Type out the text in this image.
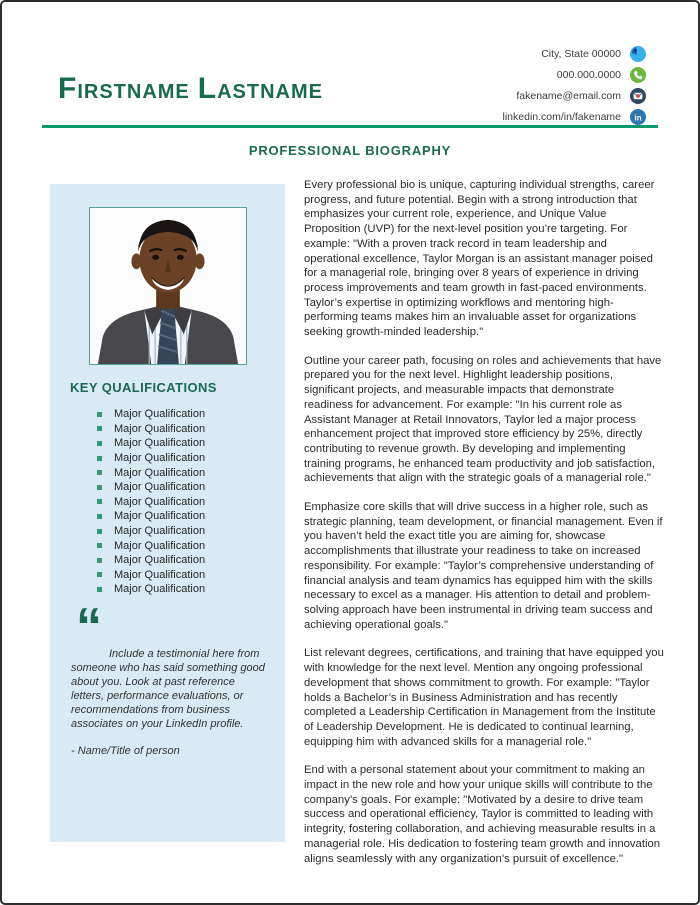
FIRSTNAME LASTNAME
City, State 00000
000.000.0000
fakename@email.com
linkedin.com/in/fakename in
PROFESSIONAL BIOGRAPHY
KEY QUALIFICATIONS
Major Qualification
Major Qualification
Major Qualification
Major Qualification
Major Qualification
Major Qualification
Major Qualification
Major Qualification
Major Qualification
Major Qualification
Major Qualification
Major Qualification
Major Qualification
“ Include a testimonial here from someone who has said something good about you. Look at past reference letters, performance evaluations, or recommendations from business associates on your LinkedIn profile.
- Name/Title of person

Every professional bio is unique, capturing individual strengths, career progress, and future potential. Begin with a strong introduction that emphasizes your current role, experience, and Unique Value Proposition (UVP) for the next-level position you’re targeting. For example: "With a proven track record in team leadership and operational excellence, Taylor Morgan is an assistant manager poised for a managerial role, bringing over 8 years of experience in driving process improvements and team growth in fast-paced environments. Taylor’s expertise in optimizing workflows and mentoring high-performing teams makes him an invaluable asset for organizations seeking growth-minded leadership."

Outline your career path, focusing on roles and achievements that have prepared you for the next level. Highlight leadership positions, significant projects, and measurable impacts that demonstrate readiness for advancement. For example: "In his current role as Assistant Manager at Retail Innovators, Taylor led a major process enhancement project that improved store efficiency by 25%, directly contributing to revenue growth. By developing and implementing training programs, he enhanced team productivity and job satisfaction, achievements that align with the strategic goals of a managerial role."

Emphasize core skills that will drive success in a higher role, such as strategic planning, team development, or financial management. Even if you haven’t held the exact title you are aiming for, showcase accomplishments that illustrate your readiness to take on increased responsibility. For example: "Taylor’s comprehensive understanding of financial analysis and team dynamics has equipped him with the skills necessary to excel as a manager. His attention to detail and problem-solving approach have been instrumental in driving team success and achieving operational goals."

List relevant degrees, certifications, and training that have equipped you with knowledge for the next level. Mention any ongoing professional development that shows commitment to growth. For example: "Taylor holds a Bachelor’s in Business Administration and has recently completed a Leadership Certification in Management from the Institute of Leadership Development. He is dedicated to continual learning, equipping him with advanced skills for a managerial role."

End with a personal statement about your commitment to making an impact in the new role and how your unique skills will contribute to the company’s goals. For example: "Motivated by a desire to drive team success and operational efficiency, Taylor is committed to leading with integrity, fostering collaboration, and achieving measurable results in a managerial role. His dedication to fostering team growth and innovation aligns seamlessly with any organization’s pursuit of excellence."
